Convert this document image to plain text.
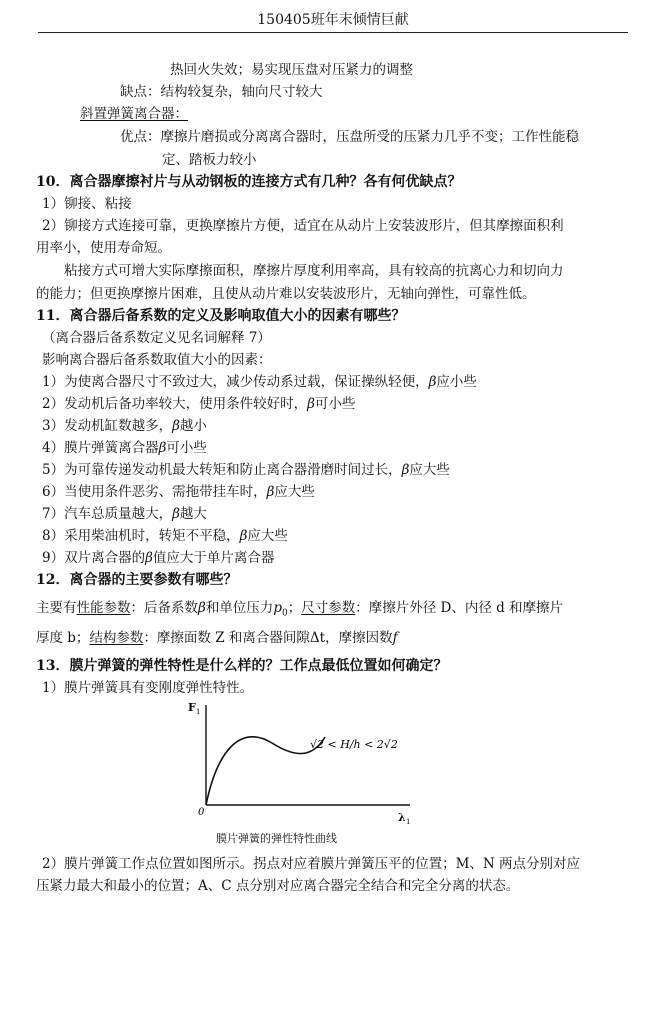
150405班年末倾情巨献
热回火失效；易实现压盘对压紧力的调整
缺点：结构较复杂，轴向尺寸较大
斜置弹簧离合器：
优点：摩擦片磨损或分离离合器时，压盘所受的压紧力几乎不变；工作性能稳
定、踏板力较小
10．离合器摩擦衬片与从动钢板的连接方式有几种？各有何优缺点？
1）铆接、粘接
2）铆接方式连接可靠，更换摩擦片方便，适宜在从动片上安装波形片，但其摩擦面积利
用率小，使用寿命短。
粘接方式可增大实际摩擦面积，摩擦片厚度利用率高，具有较高的抗离心力和切向力
的能力；但更换摩擦片困难，且使从动片难以安装波形片，无轴向弹性，可靠性低。
11．离合器后备系数的定义及影响取值大小的因素有哪些？
（离合器后备系数定义见名词解释 7）
影响离合器后备系数取值大小的因素：
1）为使离合器尺寸不致过大，减少传动系过载，保证操纵轻便，β应小些
2）发动机后备功率较大，使用条件较好时，β可小些
3）发动机缸数越多，β越小
4）膜片弹簧离合器β可小些
5）为可靠传递发动机最大转矩和防止离合器滑磨时间过长，β应大些
6）当使用条件恶劣、需拖带挂车时，β应大些
7）汽车总质量越大，β越大
8）采用柴油机时，转矩不平稳，β应大些
9）双片离合器的β值应大于单片离合器
12．离合器的主要参数有哪些？
主要有性能参数：后备系数β和单位压力$p_0$；尺寸参数：摩擦片外径 D、内径 d 和摩擦片
厚度 b；结构参数：摩擦面数 Z 和离合器间隙Δt，摩擦因数f
13．膜片弹簧的弹性特性是什么样的？工作点最低位置如何确定？
1）膜片弹簧具有变刚度弹性特性。
F 1
0	λ 1
√2 < H/h < 2√2
膜片弹簧的弹性特性曲线
2）膜片弹簧工作点位置如图所示。拐点对应着膜片弹簧压平的位置；M、N 两点分别对应
压紧力最大和最小的位置；A、C 点分别对应离合器完全结合和完全分离的状态。
